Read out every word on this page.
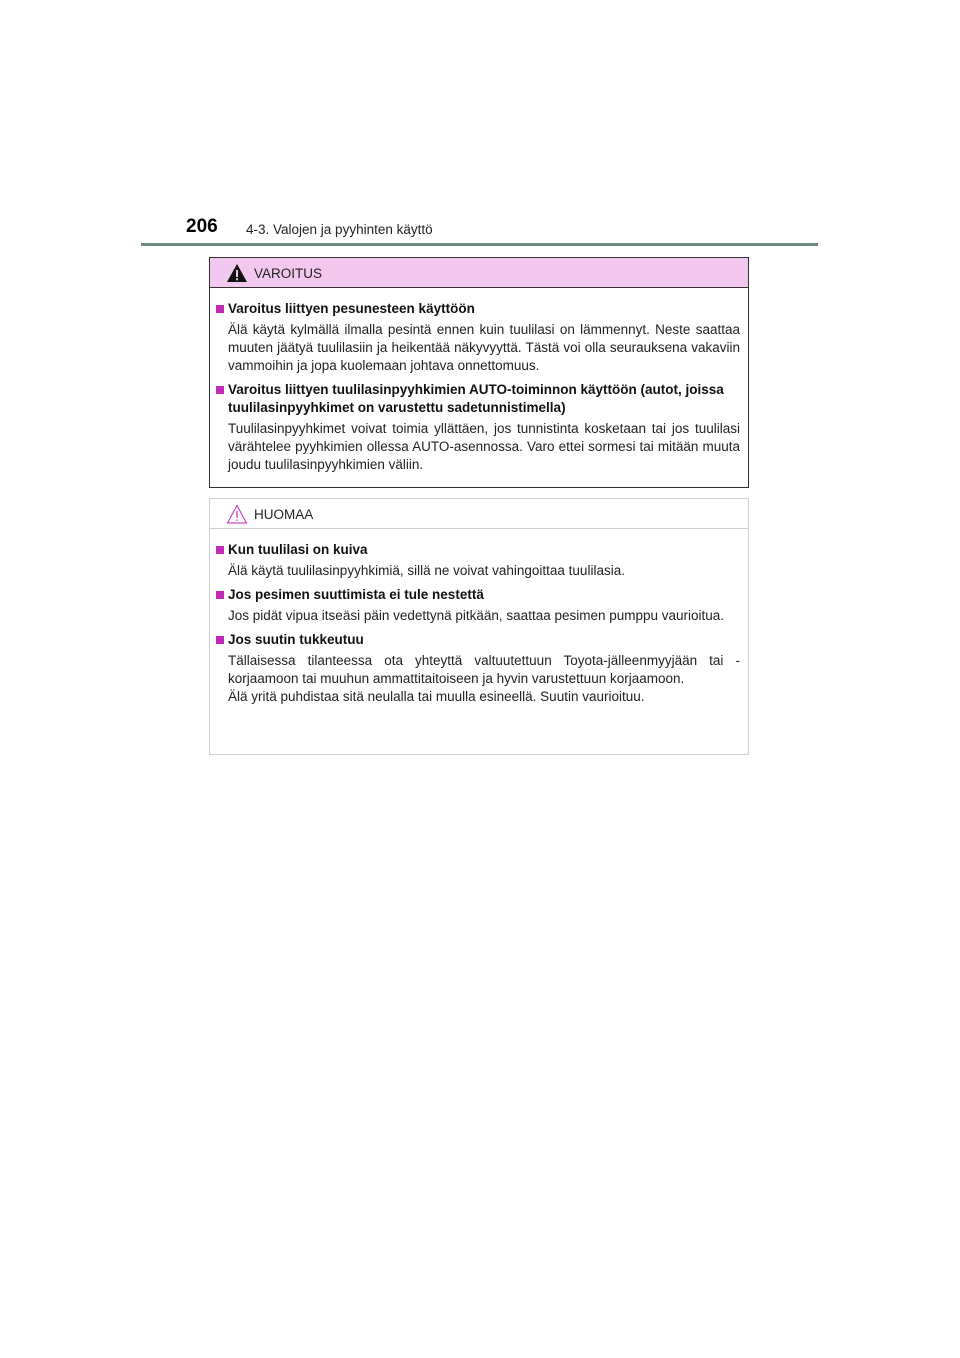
206 4-3. Valojen ja pyyhinten käyttö
VAROITUS
Varoitus liittyen pesunesteen käyttöön
Älä käytä kylmällä ilmalla pesintä ennen kuin tuulilasi on lämmennyt. Neste saattaa muuten jäätyä tuulilasiin ja heikentää näkyvyyttä. Tästä voi olla seurauksena vakaviin vammoihin ja jopa kuolemaan johtava onnettomuus.
Varoitus liittyen tuulilasinpyyhkimien AUTO-toiminnon käyttöön (autot, joissa tuulilasinpyyhkimet on varustettu sadetunnistimella)
Tuulilasinpyyhkimet voivat toimia yllättäen, jos tunnistinta kosketaan tai jos tuulilasi värähtelee pyyhkimien ollessa AUTO-asennossa. Varo ettei sormesi tai mitään muuta joudu tuulilasinpyyhkimien väliin.
HUOMAA
Kun tuulilasi on kuiva
Älä käytä tuulilasinpyyhkimiä, sillä ne voivat vahingoittaa tuulilasia.
Jos pesimen suuttimista ei tule nestettä
Jos pidät vipua itseäsi päin vedettynä pitkään, saattaa pesimen pumppu vaurioitua.
Jos suutin tukkeutuu
Tällaisessa tilanteessa ota yhteyttä valtuutettuun Toyota-jälleenmyyjään tai -korjaamoon tai muuhun ammattitaitoiseen ja hyvin varustettuun korjaamoon.
Älä yritä puhdistaa sitä neulalla tai muulla esineellä. Suutin vaurioituu.
